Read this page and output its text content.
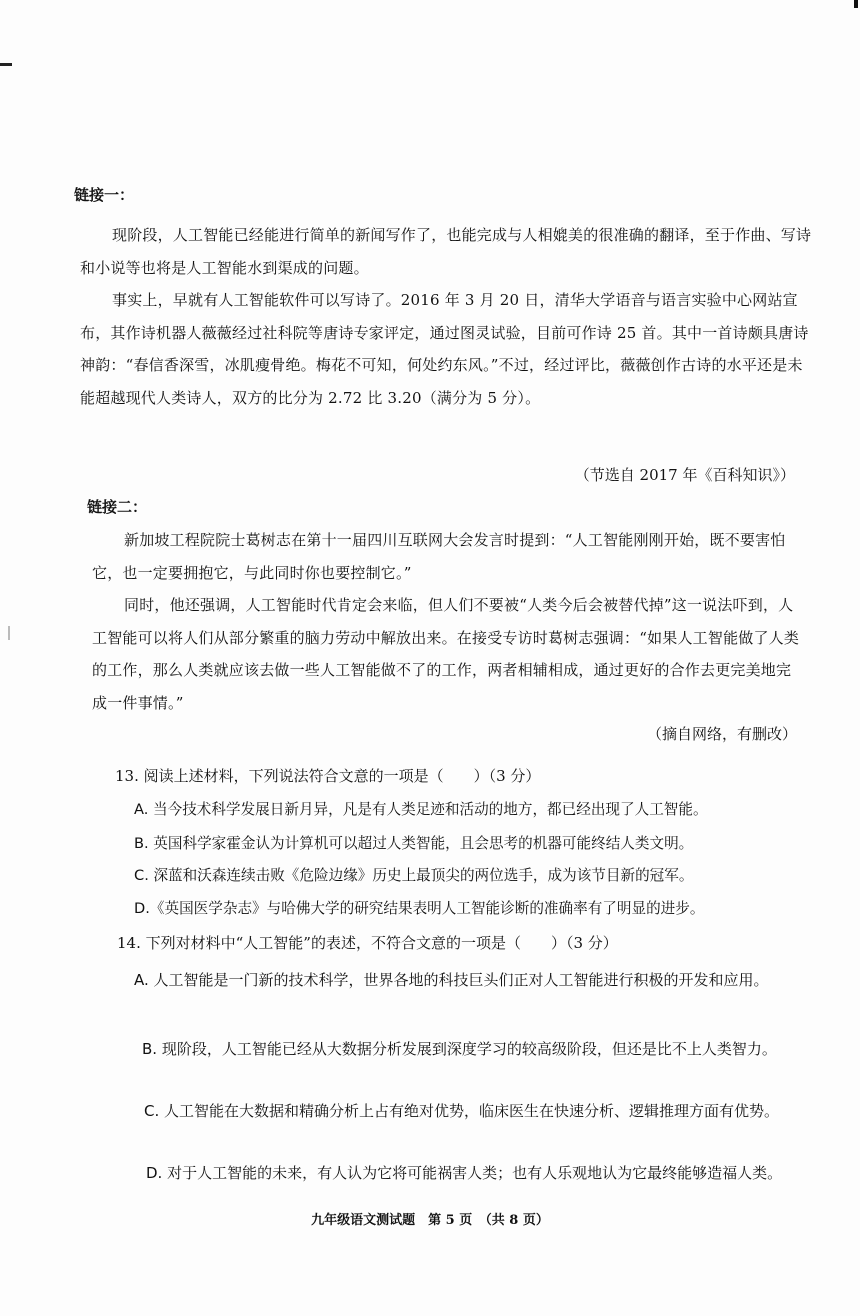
链接一：

现阶段，人工智能已经能进行简单的新闻写作了，也能完成与人相媲美的很准确的翻译，至于作曲、写诗和小说等也将是人工智能水到渠成的问题。

事实上，早就有人工智能软件可以写诗了。2016 年 3 月 20 日，清华大学语音与语言实验中心网站宣布，其作诗机器人薇薇经过社科院等唐诗专家评定，通过图灵试验，目前可作诗 25 首。其中一首诗颇具唐诗神韵：“春信香深雪，冰肌瘦骨绝。梅花不可知，何处约东风。”不过，经过评比，薇薇创作古诗的水平还是未能超越现代人类诗人，双方的比分为 2.72 比 3.20（满分为 5 分）。

（节选自 2017 年《百科知识》）

链接二：

新加坡工程院院士葛树志在第十一届四川互联网大会发言时提到：“人工智能刚刚开始，既不要害怕它，也一定要拥抱它，与此同时你也要控制它。”

同时，他还强调，人工智能时代肯定会来临，但人们不要被“人类今后会被替代掉”这一说法吓到，人工智能可以将人们从部分繁重的脑力劳动中解放出来。在接受专访时葛树志强调：“如果人工智能做了人类的工作，那么人类就应该去做一些人工智能做不了的工作，两者相辅相成，通过更好的合作去更完美地完成一件事情。”

（摘自网络，有删改）

13. 阅读上述材料，下列说法符合文意的一项是（　　）（3 分）

A. 当今技术科学发展日新月异，凡是有人类足迹和活动的地方，都已经出现了人工智能。

B. 英国科学家霍金认为计算机可以超过人类智能，且会思考的机器可能终结人类文明。

C. 深蓝和沃森连续击败《危险边缘》历史上最顶尖的两位选手，成为该节目新的冠军。

D.《英国医学杂志》与哈佛大学的研究结果表明人工智能诊断的准确率有了明显的进步。

14. 下列对材料中“人工智能”的表述，不符合文意的一项是（　　）（3 分）

A. 人工智能是一门新的技术科学，世界各地的科技巨头们正对人工智能进行积极的开发和应用。

B. 现阶段，人工智能已经从大数据分析发展到深度学习的较高级阶段，但还是比不上人类智力。

C. 人工智能在大数据和精确分析上占有绝对优势，临床医生在快速分析、逻辑推理方面有优势。

D. 对于人工智能的未来，有人认为它将可能祸害人类；也有人乐观地认为它最终能够造福人类。

九年级语文测试题　第 5 页　（共 8 页）
